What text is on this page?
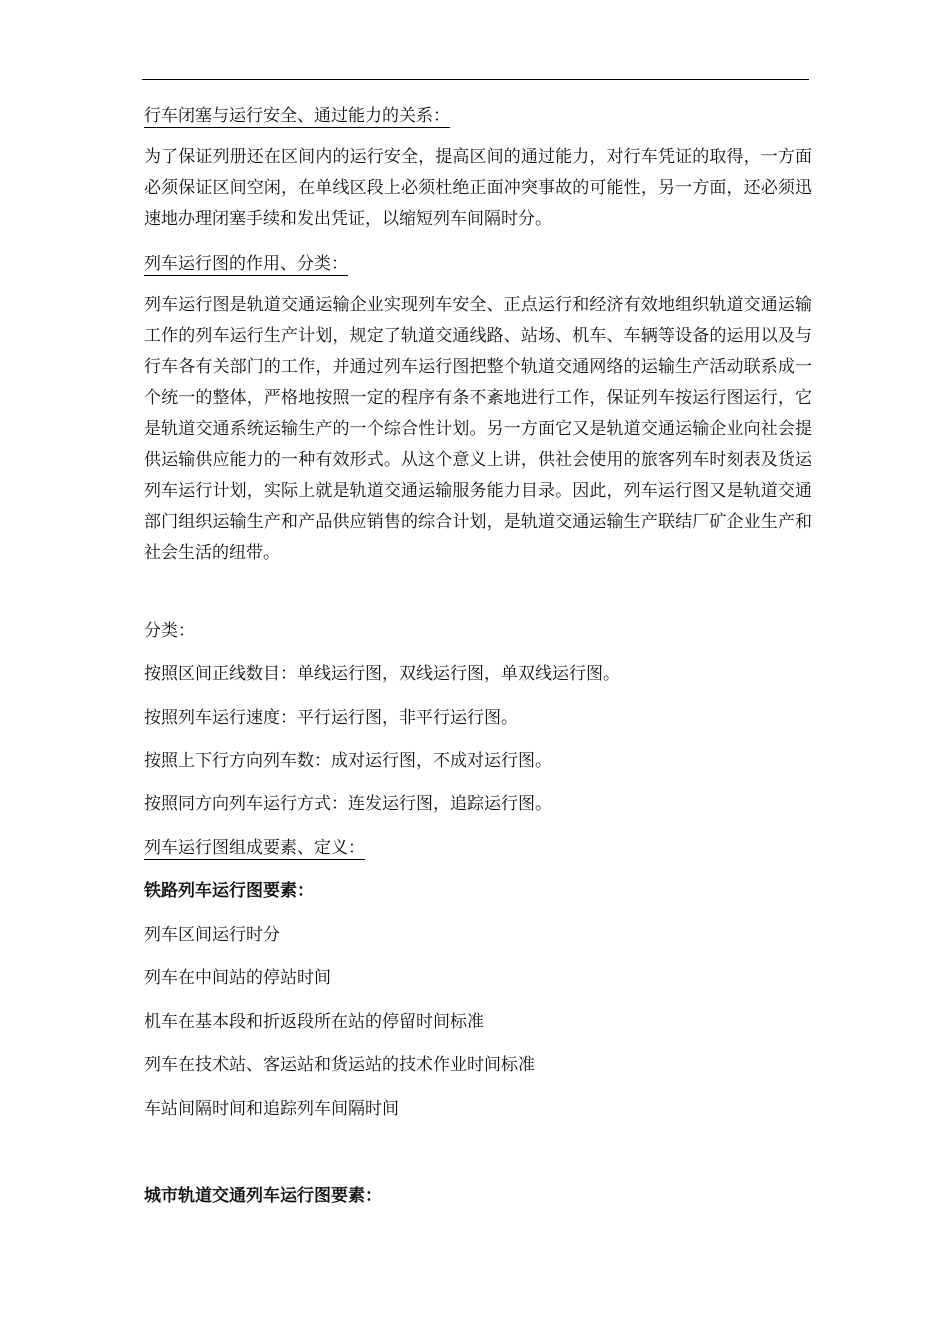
行车闭塞与运行安全、通过能力的关系：

为了保证列册还在区间内的运行安全，提高区间的通过能力，对行车凭证的取得，一方面必须保证区间空闲，在单线区段上必须杜绝正面冲突事故的可能性，另一方面，还必须迅速地办理闭塞手续和发出凭证，以缩短列车间隔时分。

列车运行图的作用、分类：

列车运行图是轨道交通运输企业实现列车安全、正点运行和经济有效地组织轨道交通运输工作的列车运行生产计划，规定了轨道交通线路、站场、机车、车辆等设备的运用以及与行车各有关部门的工作，并通过列车运行图把整个轨道交通网络的运输生产活动联系成一个统一的整体，严格地按照一定的程序有条不紊地进行工作，保证列车按运行图运行，它是轨道交通系统运输生产的一个综合性计划。另一方面它又是轨道交通运输企业向社会提供运输供应能力的一种有效形式。从这个意义上讲，供社会使用的旅客列车时刻表及货运列车运行计划，实际上就是轨道交通运输服务能力目录。因此，列车运行图又是轨道交通部门组织运输生产和产品供应销售的综合计划，是轨道交通运输生产联结厂矿企业生产和社会生活的纽带。

分类：

按照区间正线数目：单线运行图，双线运行图，单双线运行图。

按照列车运行速度：平行运行图，非平行运行图。

按照上下行方向列车数：成对运行图，不成对运行图。

按照同方向列车运行方式：连发运行图，追踪运行图。

列车运行图组成要素、定义：

铁路列车运行图要素：

列车区间运行时分

列车在中间站的停站时间

机车在基本段和折返段所在站的停留时间标准

列车在技术站、客运站和货运站的技术作业时间标准

车站间隔时间和追踪列车间隔时间

城市轨道交通列车运行图要素：
